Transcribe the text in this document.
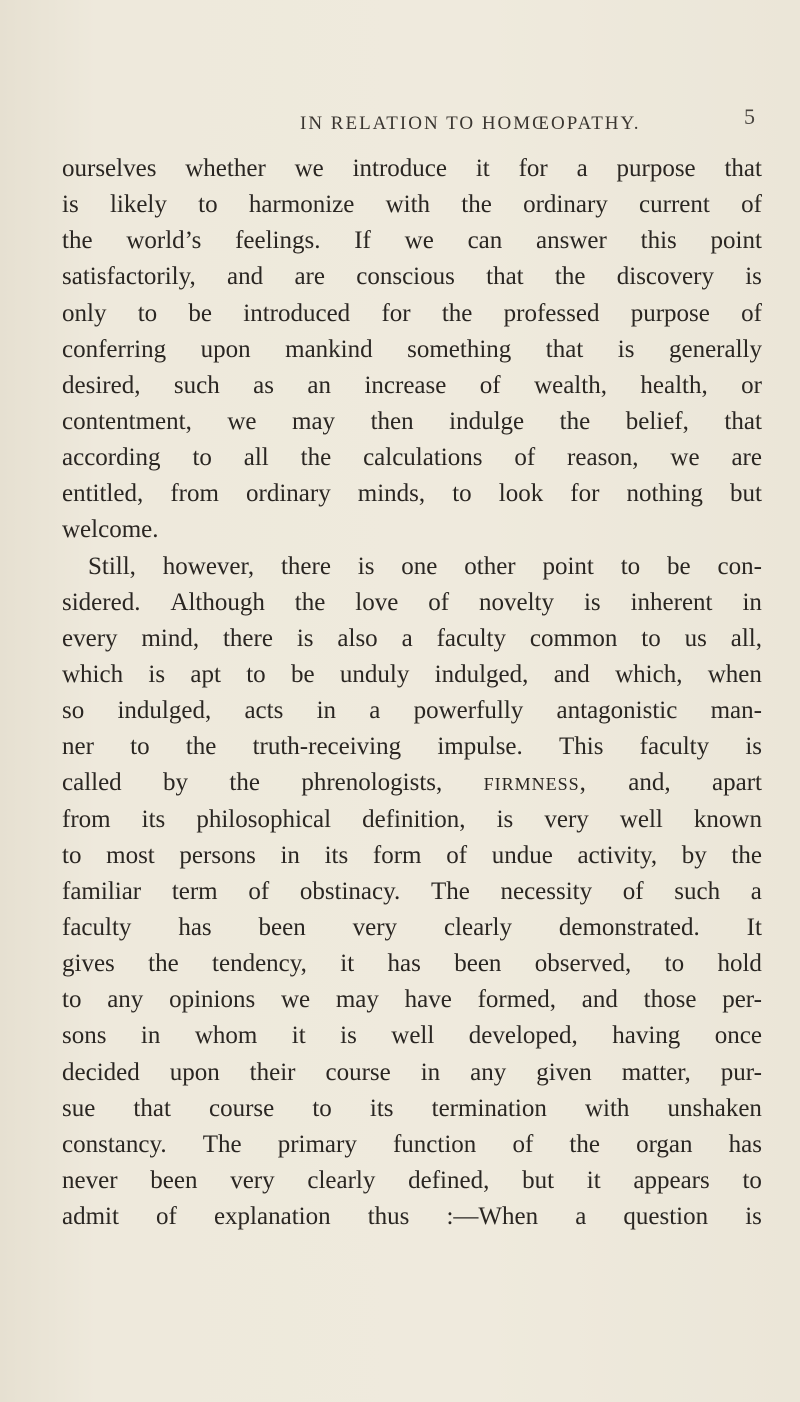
IN RELATION TO HOMŒOPATHY.	5
ourselves whether we introduce it for a purpose that
is likely to harmonize with the ordinary current of
the world’s feelings. If we can answer this point
satisfactorily, and are conscious that the discovery is
only to be introduced for the professed purpose of
conferring upon mankind something that is generally
desired, such as an increase of wealth, health, or
contentment, we may then indulge the belief, that
according to all the calculations of reason, we are
entitled, from ordinary minds, to look for nothing but
welcome.
Still, however, there is one other point to be con-
sidered. Although the love of novelty is inherent in
every mind, there is also a faculty common to us all,
which is apt to be unduly indulged, and which, when
so indulged, acts in a powerfully antagonistic man-
ner to the truth-receiving impulse. This faculty is
called by the phrenologists, firmness, and, apart
from its philosophical definition, is very well known
to most persons in its form of undue activity, by the
familiar term of obstinacy. The necessity of such a
faculty has been very clearly demonstrated. It
gives the tendency, it has been observed, to hold
to any opinions we may have formed, and those per-
sons in whom it is well developed, having once
decided upon their course in any given matter, pur-
sue that course to its termination with unshaken
constancy. The primary function of the organ has
never been very clearly defined, but it appears to
admit of explanation thus :—When a question is
